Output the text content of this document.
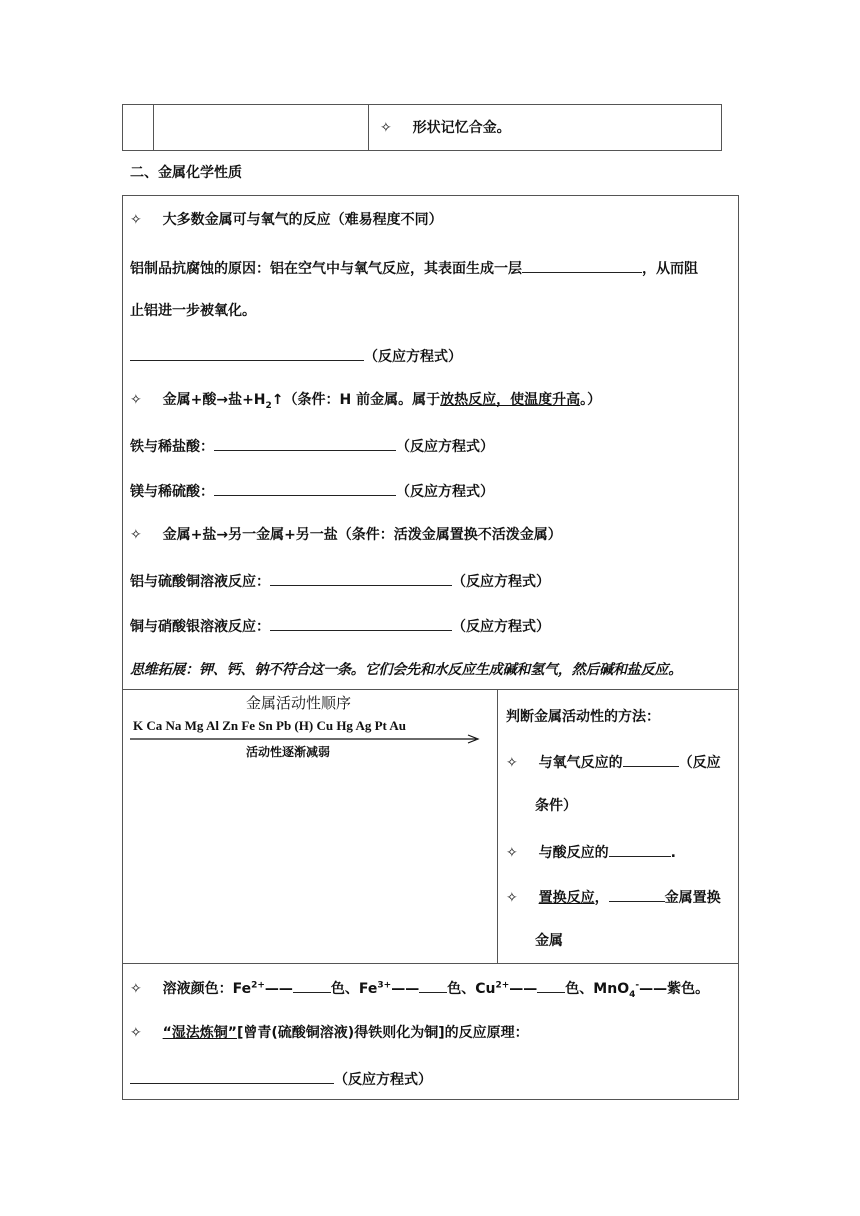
✧ 形状记忆合金。
二、金属化学性质
✧ 大多数金属可与氧气的反应（难易程度不同）
铝制品抗腐蚀的原因：铝在空气中与氧气反应，其表面生成一层	，从而阻
止铝进一步被氧化。
（反应方程式）
✧ 金属+酸→盐$+H_2↑$（条件：H 前金属。属于放热反应，使温度升高。）
铁与稀盐酸：	（反应方程式）
镁与稀硫酸：	（反应方程式）
✧ 金属+盐→另一金属+另一盐（条件：活泼金属置换不活泼金属）
铝与硫酸铜溶液反应：	（反应方程式）
铜与硝酸银溶液反应：	（反应方程式）
思维拓展：钾、钙、钠不符合这一条。它们会先和水反应生成碱和氢气，然后碱和盐反应。
金属活动性顺序
K Ca Na Mg Al Zn Fe Sn Pb (H) Cu Hg Ag Pt Au
活动性逐渐减弱
判断金属活动性的方法：
✧ 与氧气反应的	（反应
条件）
✧ 与酸反应的	.
✧ 置换反应，	金属置换
金属
✧ 溶液颜色：$Fe^{2+}——$	色、$Fe^{3+}——$ 色、$Cu^{2+}——$ 色、MnO$_4$-——紫色。
✧ “湿法炼铜”[曾青(硫酸铜溶液)得铁则化为铜]的反应原理：
（反应方程式）
